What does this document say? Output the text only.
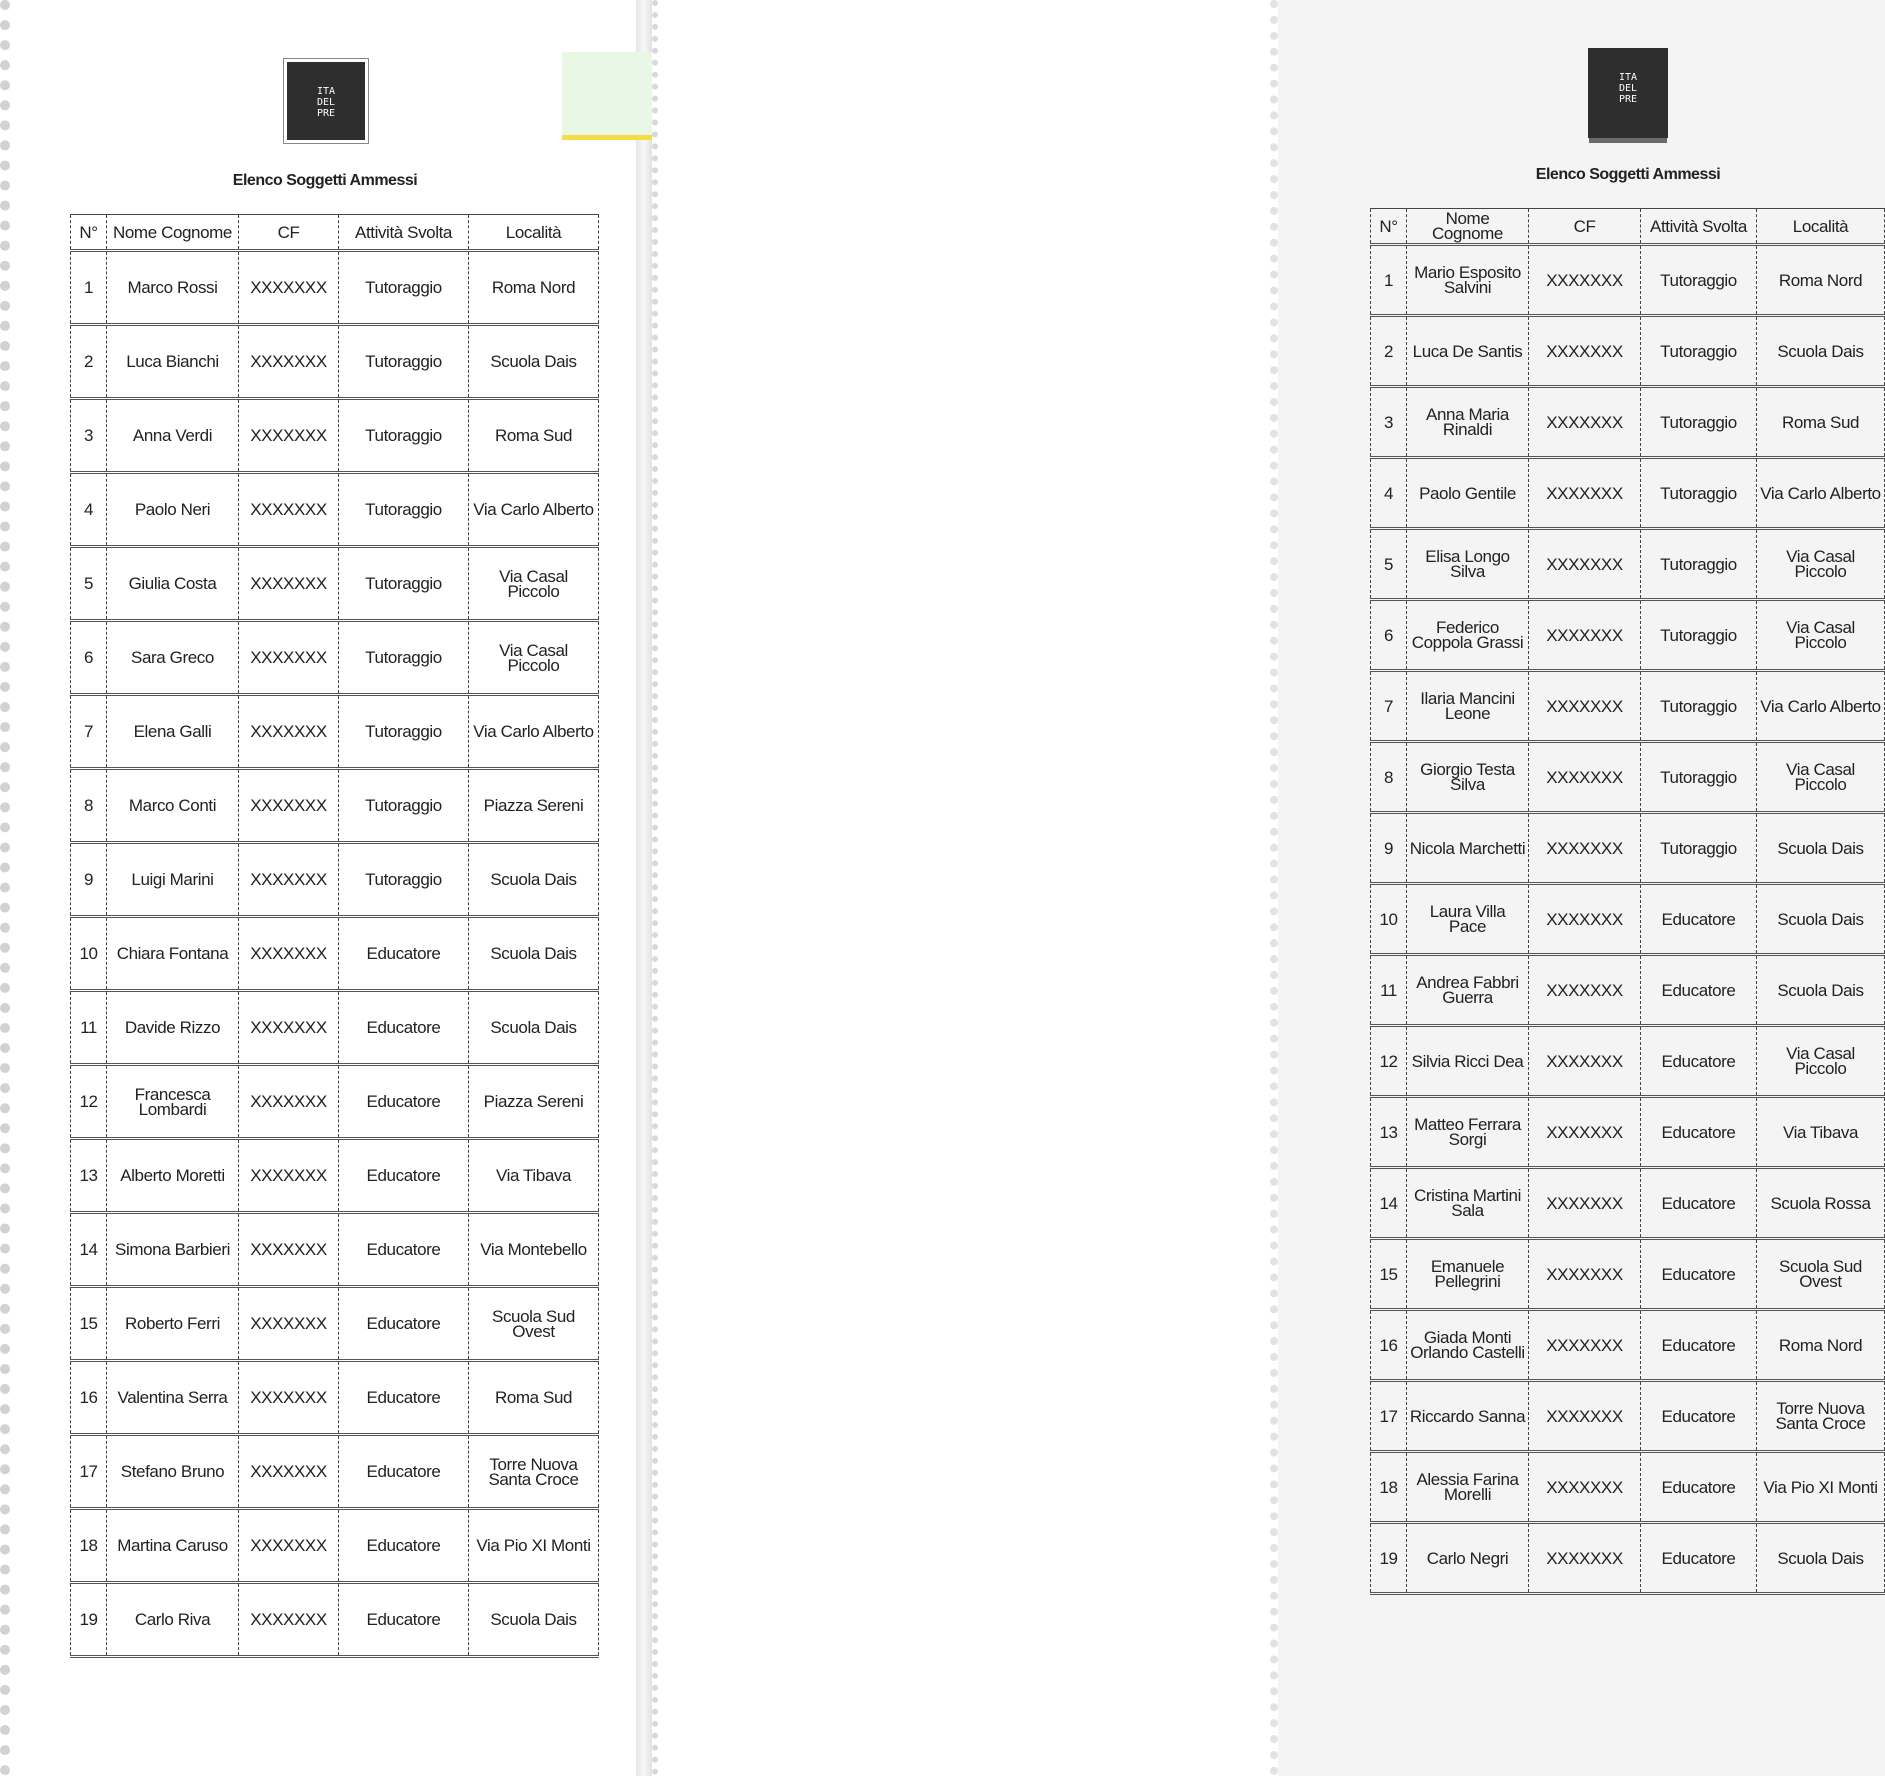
ITA
DEL
PRE
Elenco Soggetti Ammessi
N°	Nome Cognome	CF	Attività Svolta	Località
1	Marco Rossi	XXXXXXX	Tutoraggio	Roma Nord
2	Luca Bianchi	XXXXXXX	Tutoraggio	Scuola Dais
3	Anna Verdi	XXXXXXX	Tutoraggio	Roma Sud
4	Paolo Neri	XXXXXXX	Tutoraggio	Via Carlo Alberto
5	Giulia Costa	XXXXXXX	Tutoraggio	Via Casal Piccolo
6	Sara Greco	XXXXXXX	Tutoraggio	Via Casal Piccolo
7	Elena Galli	XXXXXXX	Tutoraggio	Via Carlo Alberto
8	Marco Conti	XXXXXXX	Tutoraggio	Piazza Sereni
9	Luigi Marini	XXXXXXX	Tutoraggio	Scuola Dais
10	Chiara Fontana	XXXXXXX	Educatore	Scuola Dais
11	Davide Rizzo	XXXXXXX	Educatore	Scuola Dais
12	Francesca Lombardi	XXXXXXX	Educatore	Piazza Sereni
13	Alberto Moretti	XXXXXXX	Educatore	Via Tibava
14	Simona Barbieri	XXXXXXX	Educatore	Via Montebello
15	Roberto Ferri	XXXXXXX	Educatore	Scuola Sud Ovest
16	Valentina Serra	XXXXXXX	Educatore	Roma Sud
17	Stefano Bruno	XXXXXXX	Educatore	Torre Nuova Santa Croce
18	Martina Caruso	XXXXXXX	Educatore	Via Pio XI Monti
19	Carlo Riva	XXXXXXX	Educatore	Scuola Dais
ITA
DEL
PRE
Elenco Soggetti Ammessi
N°	Nome Cognome	CF	Attività Svolta	Località
1	Mario Esposito Salvini	XXXXXXX	Tutoraggio	Roma Nord
2	Luca De Santis	XXXXXXX	Tutoraggio	Scuola Dais
3	Anna Maria Rinaldi	XXXXXXX	Tutoraggio	Roma Sud
4	Paolo Gentile	XXXXXXX	Tutoraggio	Via Carlo Alberto
5	Elisa Longo Silva	XXXXXXX	Tutoraggio	Via Casal Piccolo
6	Federico Coppola Grassi	XXXXXXX	Tutoraggio	Via Casal Piccolo
7	Ilaria Mancini Leone	XXXXXXX	Tutoraggio	Via Carlo Alberto
8	Giorgio Testa Silva	XXXXXXX	Tutoraggio	Via Casal Piccolo
9	Nicola Marchetti	XXXXXXX	Tutoraggio	Scuola Dais
10	Laura Villa Pace	XXXXXXX	Educatore	Scuola Dais
11	Andrea Fabbri Guerra	XXXXXXX	Educatore	Scuola Dais
12	Silvia Ricci Dea	XXXXXXX	Educatore	Via Casal Piccolo
13	Matteo Ferrara Sorgi	XXXXXXX	Educatore	Via Tibava
14	Cristina Martini Sala	XXXXXXX	Educatore	Scuola Rossa
15	Emanuele Pellegrini	XXXXXXX	Educatore	Scuola Sud Ovest
16	Giada Monti Orlando Castelli	XXXXXXX	Educatore	Roma Nord
17	Riccardo Sanna	XXXXXXX	Educatore	Torre Nuova Santa Croce
18	Alessia Farina Morelli	XXXXXXX	Educatore	Via Pio XI Monti
19	Carlo Negri	XXXXXXX	Educatore	Scuola Dais
